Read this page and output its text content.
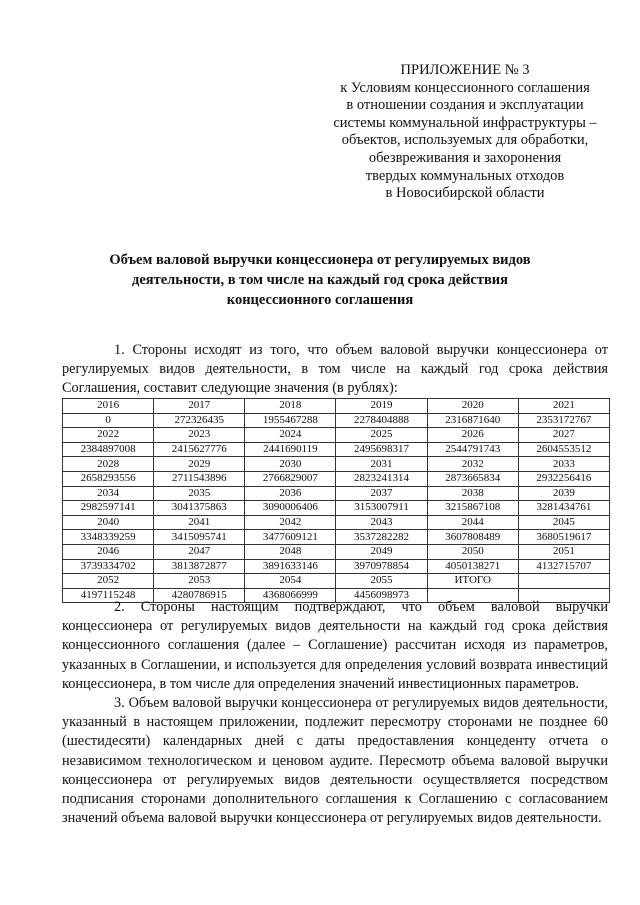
ПРИЛОЖЕНИЕ № 3
к Условиям концессионного соглашения
в отношении создания и эксплуатации
системы коммунальной инфраструктуры –
объектов, используемых для обработки,
обезвреживания и захоронения
твердых коммунальных отходов
в Новосибирской области
Объем валовой выручки концессионера от регулируемых видов
деятельности, в том числе на каждый год срока действия
концессионного соглашения

1. Стороны исходят из того, что объем валовой выручки концессионера от регулируемых видов деятельности, в том числе на каждый год срока действия Соглашения, составит следующие значения (в рублях):

2016	2017	2018	2019	2020	2021
0	272326435	1955467288	2278404888	2316871640	2353172767
2022	2023	2024	2025	2026	2027
2384897008	2415627776	2441690119	2495698317	2544791743	2604553512
2028	2029	2030	2031	2032	2033
2658293556	2711543896	2766829007	2823241314	2873665834	2932256416
2034	2035	2036	2037	2038	2039
2982597141	3041375863	3090006406	3153007911	3215867108	3281434761
2040	2041	2042	2043	2044	2045
3348339259	3415095741	3477609121	3537282282	3607808489	3680519617
2046	2047	2048	2049	2050	2051
3739334702	3813872877	3891633146	3970978854	4050138271	4132715707
2052	2053	2054	2055	ИТОГО	
4197115248	4280786915	4368066999	4456098973		

2. Стороны настоящим подтверждают, что объем валовой выручки концессионера от регулируемых видов деятельности на каждый год срока действия концессионного соглашения (далее – Соглашение) рассчитан исходя из параметров, указанных в Соглашении, и используется для определения условий возврата инвестиций концессионера, в том числе для определения значений инвестиционных параметров.

3. Объем валовой выручки концессионера от регулируемых видов деятельности, указанный в настоящем приложении, подлежит пересмотру сторонами не позднее 60 (шестидесяти) календарных дней с даты предоставления концеденту отчета о независимом технологическом и ценовом аудите. Пересмотр объема валовой выручки концессионера от регулируемых видов деятельности осуществляется посредством подписания сторонами дополнительного соглашения к Соглашению с согласованием значений объема валовой выручки концессионера от регулируемых видов деятельности.
